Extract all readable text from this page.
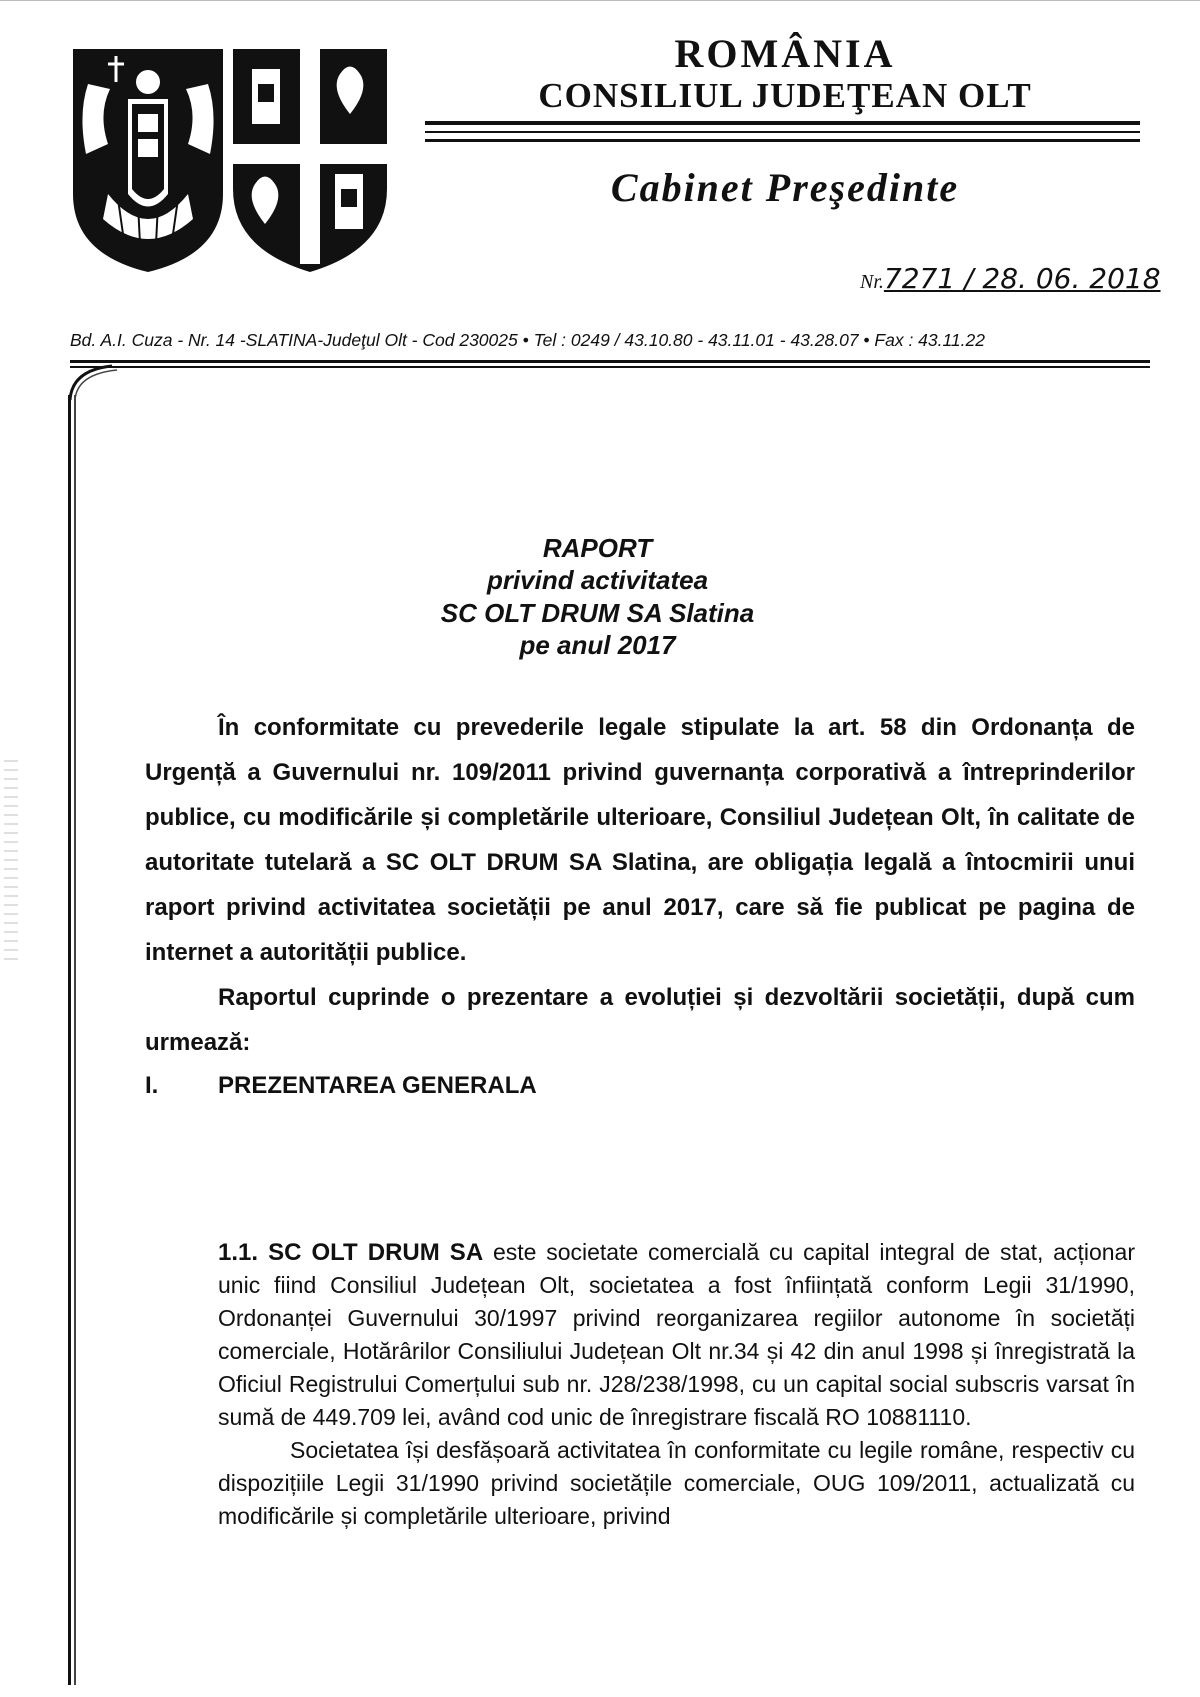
ROMÂNIA
CONSILIUL JUDEŢEAN OLT
Cabinet Preşedinte
Nr.7271 / 28. 06. 2018
Bd. A.I. Cuza - Nr. 14 -SLATINA-Judeţul Olt - Cod 230025 • Tel : 0249 / 43.10.80 - 43.11.01 - 43.28.07 • Fax : 43.11.22
RAPORT
privind activitatea
SC OLT DRUM SA Slatina
pe anul 2017

În conformitate cu prevederile legale stipulate la art. 58 din Ordonanța de Urgență a Guvernului nr. 109/2011 privind guvernanța corporativă a întreprinderilor publice, cu modificările și completările ulterioare, Consiliul Județean Olt, în calitate de autoritate tutelară a SC OLT DRUM SA Slatina, are obligația legală a întocmirii unui raport privind activitatea societății pe anul 2017, care să fie publicat pe pagina de internet a autorității publice.

Raportul cuprinde o prezentare a evoluției și dezvoltării societății, după cum urmează:

I. PREZENTAREA GENERALA

1.1. SC OLT DRUM SA este societate comercială cu capital integral de stat, acționar unic fiind Consiliul Județean Olt, societatea a fost înființată conform Legii 31/1990, Ordonanței Guvernului 30/1997 privind reorganizarea regiilor autonome în societăți comerciale, Hotărârilor Consiliului Județean Olt nr.34 și 42 din anul 1998 și înregistrată la Oficiul Registrului Comerțului sub nr. J28/238/1998, cu un capital social subscris varsat în sumă de 449.709 lei, având cod unic de înregistrare fiscală RO 10881110.

Societatea își desfășoară activitatea în conformitate cu legile române, respectiv cu dispozițiile Legii 31/1990 privind societățile comerciale, OUG 109/2011, actualizată cu modificările și completările ulterioare, privind
